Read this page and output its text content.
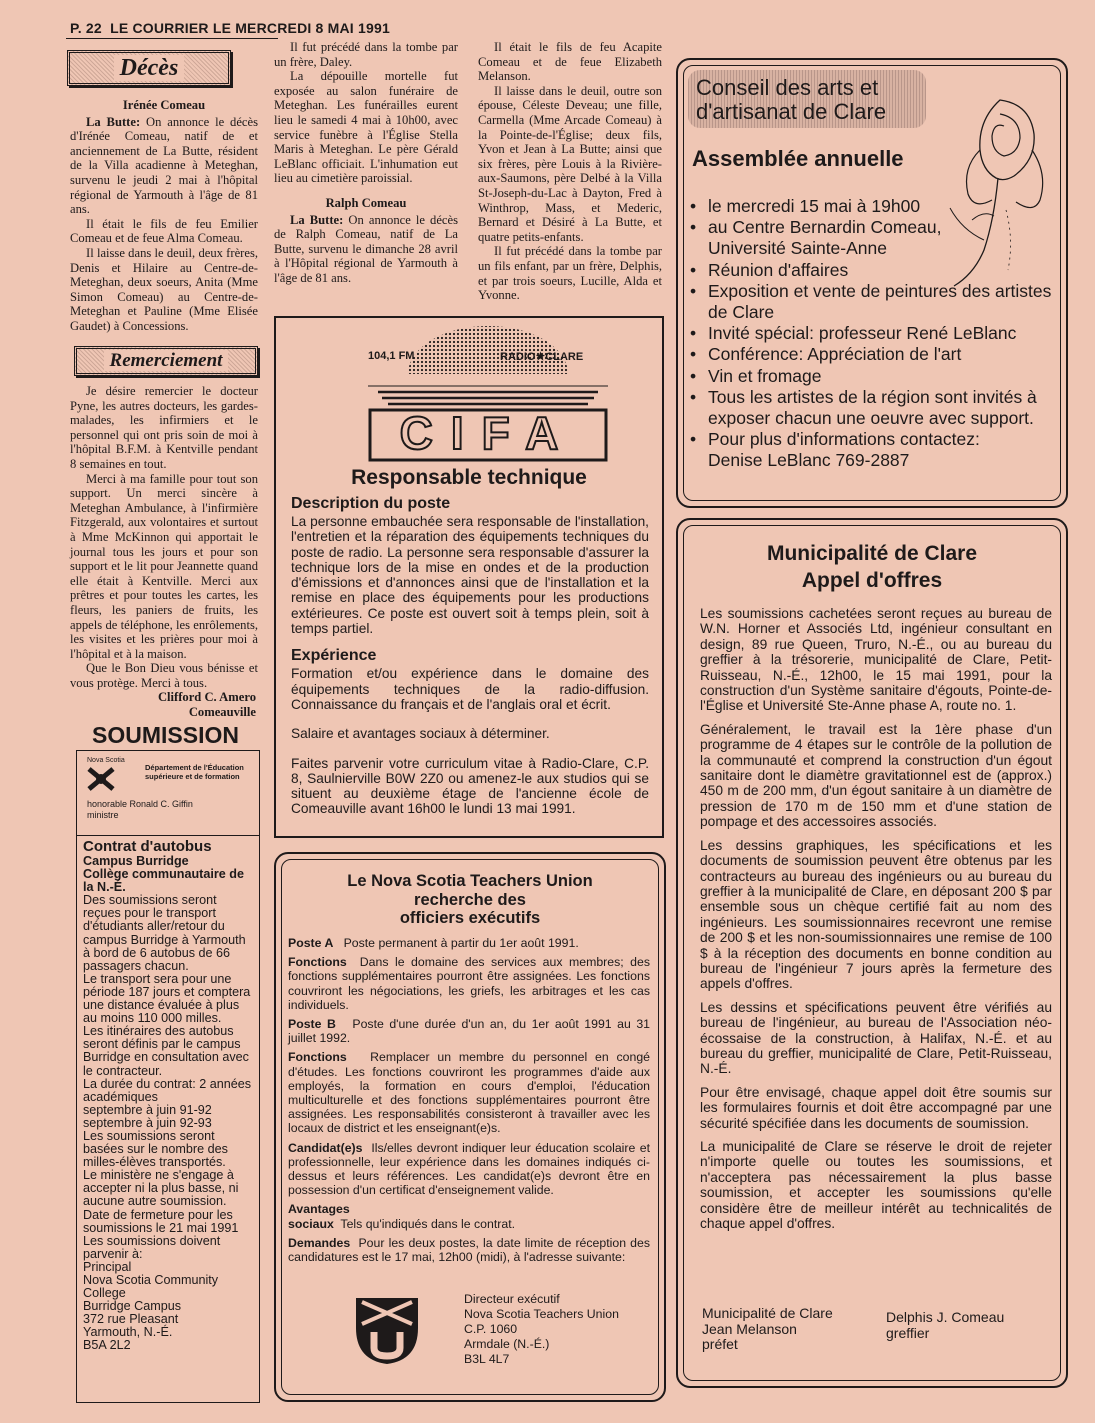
P. 22 LE COURRIER LE MERCREDI 8 MAI 1991
Décès
Irénée Comeau

La Butte: On annonce le décès d'Irénée Comeau, natif de et anciennement de La Butte, résident de la Villa acadienne à Meteghan, survenu le jeudi 2 mai à l'hôpital régional de Yarmouth à l'âge de 81 ans.

Il était le fils de feu Emilier Comeau et de feue Alma Comeau.

Il laisse dans le deuil, deux frères, Denis et Hilaire au Centre-de-Meteghan, deux soeurs, Anita (Mme Simon Comeau) au Centre-de-Meteghan et Pauline (Mme Elisée Gaudet) à Concessions.

Remerciement

Je désire remercier le docteur Pyne, les autres docteurs, les gardes-malades, les infirmiers et le personnel qui ont pris soin de moi à l'hôpital B.F.M. à Kentville pendant 8 semaines en tout.

Merci à ma famille pour tout son support. Un merci sincère à Meteghan Ambulance, à l'infirmière Fitzgerald, aux volontaires et surtout à Mme McKinnon qui apportait le journal tous les jours et pour son support et le lit pour Jeannette quand elle était à Kentville. Merci aux prêtres et pour toutes les cartes, les fleurs, les paniers de fruits, les appels de téléphone, les enrôlements, les visites et les prières pour moi à l'hôpital et à la maison.

Que le Bon Dieu vous bénisse et vous protège. Merci à tous.

Clifford C. Amero
Comeauville
SOUMISSION
Nova Scotia
Département de l'Éducation supérieure et de formation
honorable Ronald C. Giffin
ministre
Contrat d'autobus
Campus Burridge
Collège communautaire de la N.-É.
Des soumissions seront reçues pour le transport d'étudiants aller/retour du campus Burridge à Yarmouth à bord de 6 autobus de 66 passagers chacun.
Le transport sera pour une période 187 jours et comptera une distance évaluée à plus au moins 110 000 milles.
Les itinéraires des autobus seront définis par le campus Burridge en consultation avec le contracteur.
La durée du contrat: 2 années académiques
septembre à juin 91-92
septembre à juin 92-93
Les soumissions seront basées sur le nombre des milles-élèves transportés.
Le ministère ne s'engage à accepter ni la plus basse, ni aucune autre soumission.
Date de fermeture pour les soumissions le 21 mai 1991
Les soumissions doivent parvenir à:
Principal
Nova Scotia Community College
Burridge Campus
372 rue Pleasant
Yarmouth, N.-É.
B5A 2L2

Il fut précédé dans la tombe par un frère, Daley.

La dépouille mortelle fut exposée au salon funéraire de Meteghan. Les funérailles eurent lieu le samedi 4 mai à 10h00, avec service funèbre à l'Église Stella Maris à Meteghan. Le père Gérald LeBlanc officiait. L'inhumation eut lieu au cimetière paroissial.

Ralph Comeau

La Butte: On annonce le décès de Ralph Comeau, natif de La Butte, survenu le dimanche 28 avril à l'Hôpital régional de Yarmouth à l'âge de 81 ans.

Il était le fils de feu Acapite Comeau et de feue Elizabeth Melanson.

Il laisse dans le deuil, outre son épouse, Céleste Deveau; une fille, Carmella (Mme Arcade Comeau) à la Pointe-de-l'Église; deux fils, Yvon et Jean à La Butte; ainsi que six frères, père Louis à la Rivière-aux-Saumons, père Delbé à la Villa St-Joseph-du-Lac à Dayton, Fred à Winthrop, Mass, et Mederic, Bernard et Désiré à La Butte, et quatre petits-enfants.

Il fut précédé dans la tombe par un fils enfant, par un frère, Delphis, et par trois soeurs, Lucille, Alda et Yvonne.

104,1 FM	RADIO★CLARE
CIFA
Responsable technique
Description du poste
La personne embauchée sera responsable de l'installation, l'entretien et la réparation des équipements techniques du poste de radio. La personne sera responsable d'assurer la technique lors de la mise en ondes et de la production d'émissions et d'annonces ainsi que de l'installation et la remise en place des équipements pour les productions extérieures. Ce poste est ouvert soit à temps plein, soit à temps partiel.
Expérience
Formation et/ou expérience dans le domaine des équipements techniques de la radio-diffusion. Connaissance du français et de l'anglais oral et écrit.
Salaire et avantages sociaux à déterminer.
Faites parvenir votre curriculum vitae à Radio-Clare, C.P. 8, Saulnierville B0W 2Z0 ou amenez-le aux studios qui se situent au deuxième étage de l'ancienne école de Comeauville avant 16h00 le lundi 13 mai 1991.
Le Nova Scotia Teachers Union
recherche des
officiers exécutifs

Poste A Poste permanent à partir du 1er août 1991.

Fonctions Dans le domaine des services aux membres; des fonctions supplémentaires pourront être assignées. Les fonctions couvriront les négociations, les griefs, les arbitrages et les cas individuels.

Poste B Poste d'une durée d'un an, du 1er août 1991 au 31 juillet 1992.

Fonctions Remplacer un membre du personnel en congé d'études. Les fonctions couvriront les programmes d'aide aux employés, la formation en cours d'emploi, l'éducation multiculturelle et des fonctions supplémentaires pourront être assignées. Les responsabilités consisteront à travailler avec les locaux de district et les enseignant(e)s.

Candidat(e)s Ils/elles devront indiquer leur éducation scolaire et professionnelle, leur expérience dans les domaines indiqués ci-dessus et leurs références. Les candidat(e)s devront être en possession d'un certificat d'enseignement valide.

Avantages

sociaux Tels qu'indiqués dans le contrat.

Demandes Pour les deux postes, la date limite de réception des candidatures est le 17 mai, 12h00 (midi), à l'adresse suivante:

Directeur exécutif
Nova Scotia Teachers Union
C.P. 1060
Armdale (N.-É.)
B3L 4L7
Conseil des arts et
d'artisanat de Clare
Assemblée annuelle
• le mercredi 15 mai à 19h00
• au Centre Bernardin Comeau, Université Sainte-Anne
• Réunion d'affaires
• Exposition et vente de peintures des artistes de Clare
• Invité spécial: professeur René LeBlanc
• Conférence: Appréciation de l'art
• Vin et fromage
• Tous les artistes de la région sont invités à exposer chacun une oeuvre avec support.
• Pour plus d'informations contactez: Denise LeBlanc 769-2887
Municipalité de Clare
Appel d'offres

Les soumissions cachetées seront reçues au bureau de W.N. Horner et Associés Ltd, ingénieur consultant en design, 89 rue Queen, Truro, N.-É., ou au bureau du greffier à la trésorerie, municipalité de Clare, Petit-Ruisseau, N.-É., 12h00, le 15 mai 1991, pour la construction d'un Système sanitaire d'égouts, Pointe-de-l'Église et Université Ste-Anne phase A, route no. 1.

Généralement, le travail est la 1ère phase d'un programme de 4 étapes sur le contrôle de la pollution de la communauté et comprend la construction d'un égout sanitaire dont le diamètre gravitationnel est de (approx.) 450 m de 200 mm, d'un égout sanitaire à un diamètre de pression de 170 m de 150 mm et d'une station de pompage et des accessoires associés.

Les dessins graphiques, les spécifications et les documents de soumission peuvent être obtenus par les contracteurs au bureau des ingénieurs ou au bureau du greffier à la municipalité de Clare, en déposant 200 $ par ensemble sous un chèque certifié fait au nom des ingénieurs. Les soumissionnaires recevront une remise de 200 $ et les non-soumissionnaires une remise de 100 $ à la réception des documents en bonne condition au bureau de l'ingénieur 7 jours après la fermeture des appels d'offres.

Les dessins et spécifications peuvent être vérifiés au bureau de l'ingénieur, au bureau de l'Association néo-écossaise de la construction, à Halifax, N.-É. et au bureau du greffier, municipalité de Clare, Petit-Ruisseau, N.-É.

Pour être envisagé, chaque appel doit être soumis sur les formulaires fournis et doit être accompagné par une sécurité spécifiée dans les documents de soumission.

La municipalité de Clare se réserve le droit de rejeter n'importe quelle ou toutes les soumissions, et n'acceptera pas nécessairement la plus basse soumission, et accepter les soumissions qu'elle considère être de meilleur intérêt au technicalités de chaque appel d'offres.

Municipalité de Clare
Jean Melanson
préfet
Delphis J. Comeau
greffier
